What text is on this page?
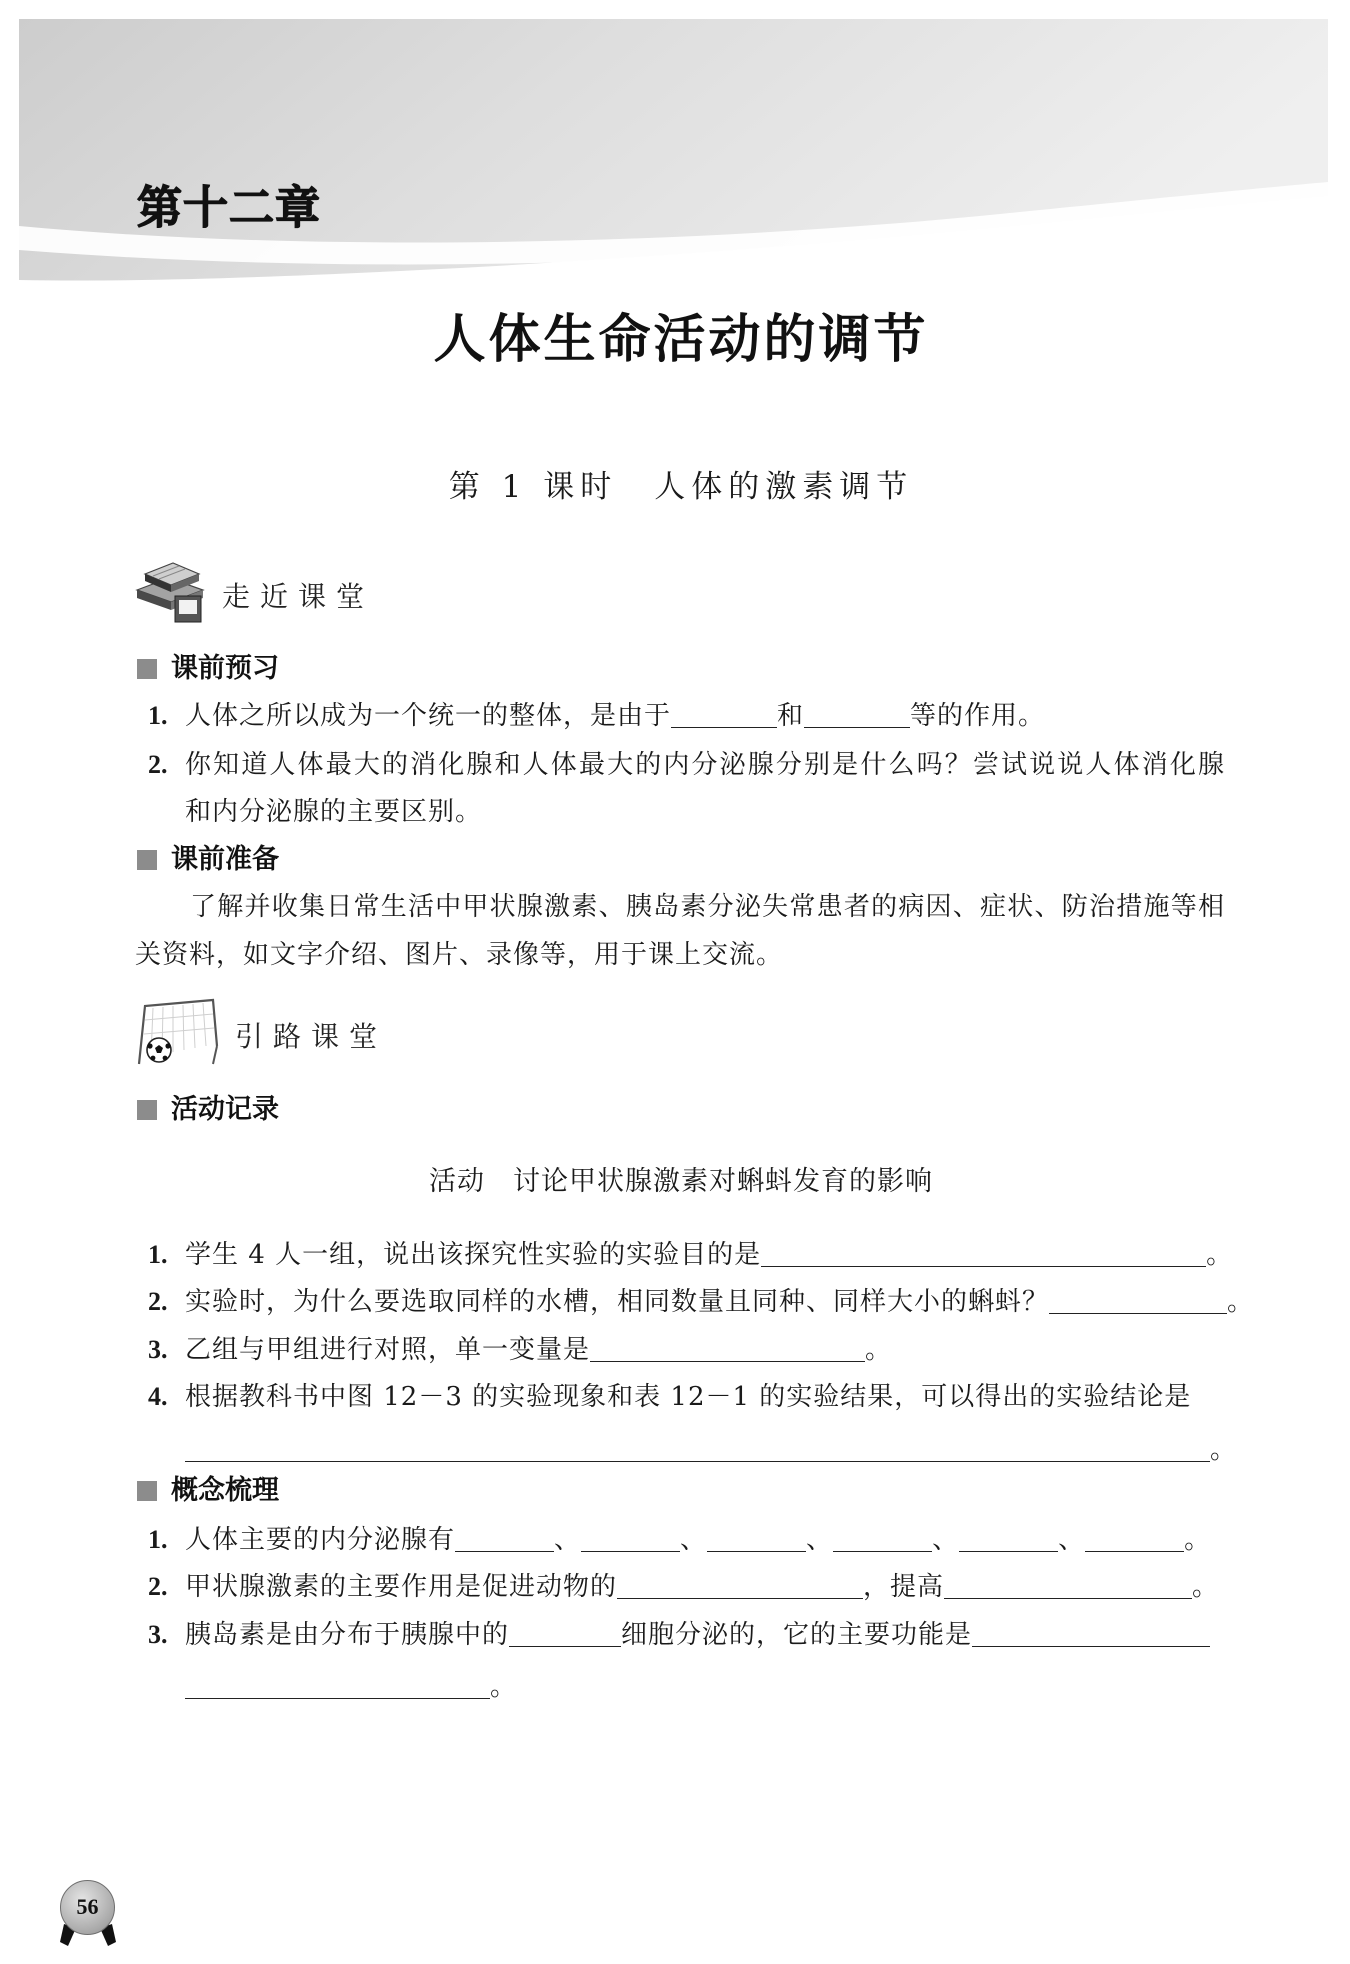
第十二章
人体生命活动的调节
第 1 课时　人体的激素调节
走近课堂
课前预习
1. 人体之所以成为一个统一的整体，是由于	和	等的作用。
2. 你知道人体最大的消化腺和人体最大的内分泌腺分别是什么吗？尝试说说人体消化腺
和内分泌腺的主要区别。
课前准备
了解并收集日常生活中甲状腺激素、胰岛素分泌失常患者的病因、症状、防治措施等相
关资料，如文字介绍、图片、录像等，用于课上交流。
引路课堂
活动记录
活动　讨论甲状腺激素对蝌蚪发育的影响
1. 学生 4 人一组，说出该探究性实验的实验目的是	。
2. 实验时，为什么要选取同样的水槽，相同数量且同种、同样大小的蝌蚪？	。
3. 乙组与甲组进行对照，单一变量是	。
4. 根据教科书中图 12－3 的实验现象和表 12－1 的实验结果，可以得出的实验结论是
。
概念梳理
1. 人体主要的内分泌腺有	、	、	、	、	、	。
2. 甲状腺激素的主要作用是促进动物的	，提高	。
3. 胰岛素是由分布于胰腺中的	细胞分泌的，它的主要功能是
。
56
